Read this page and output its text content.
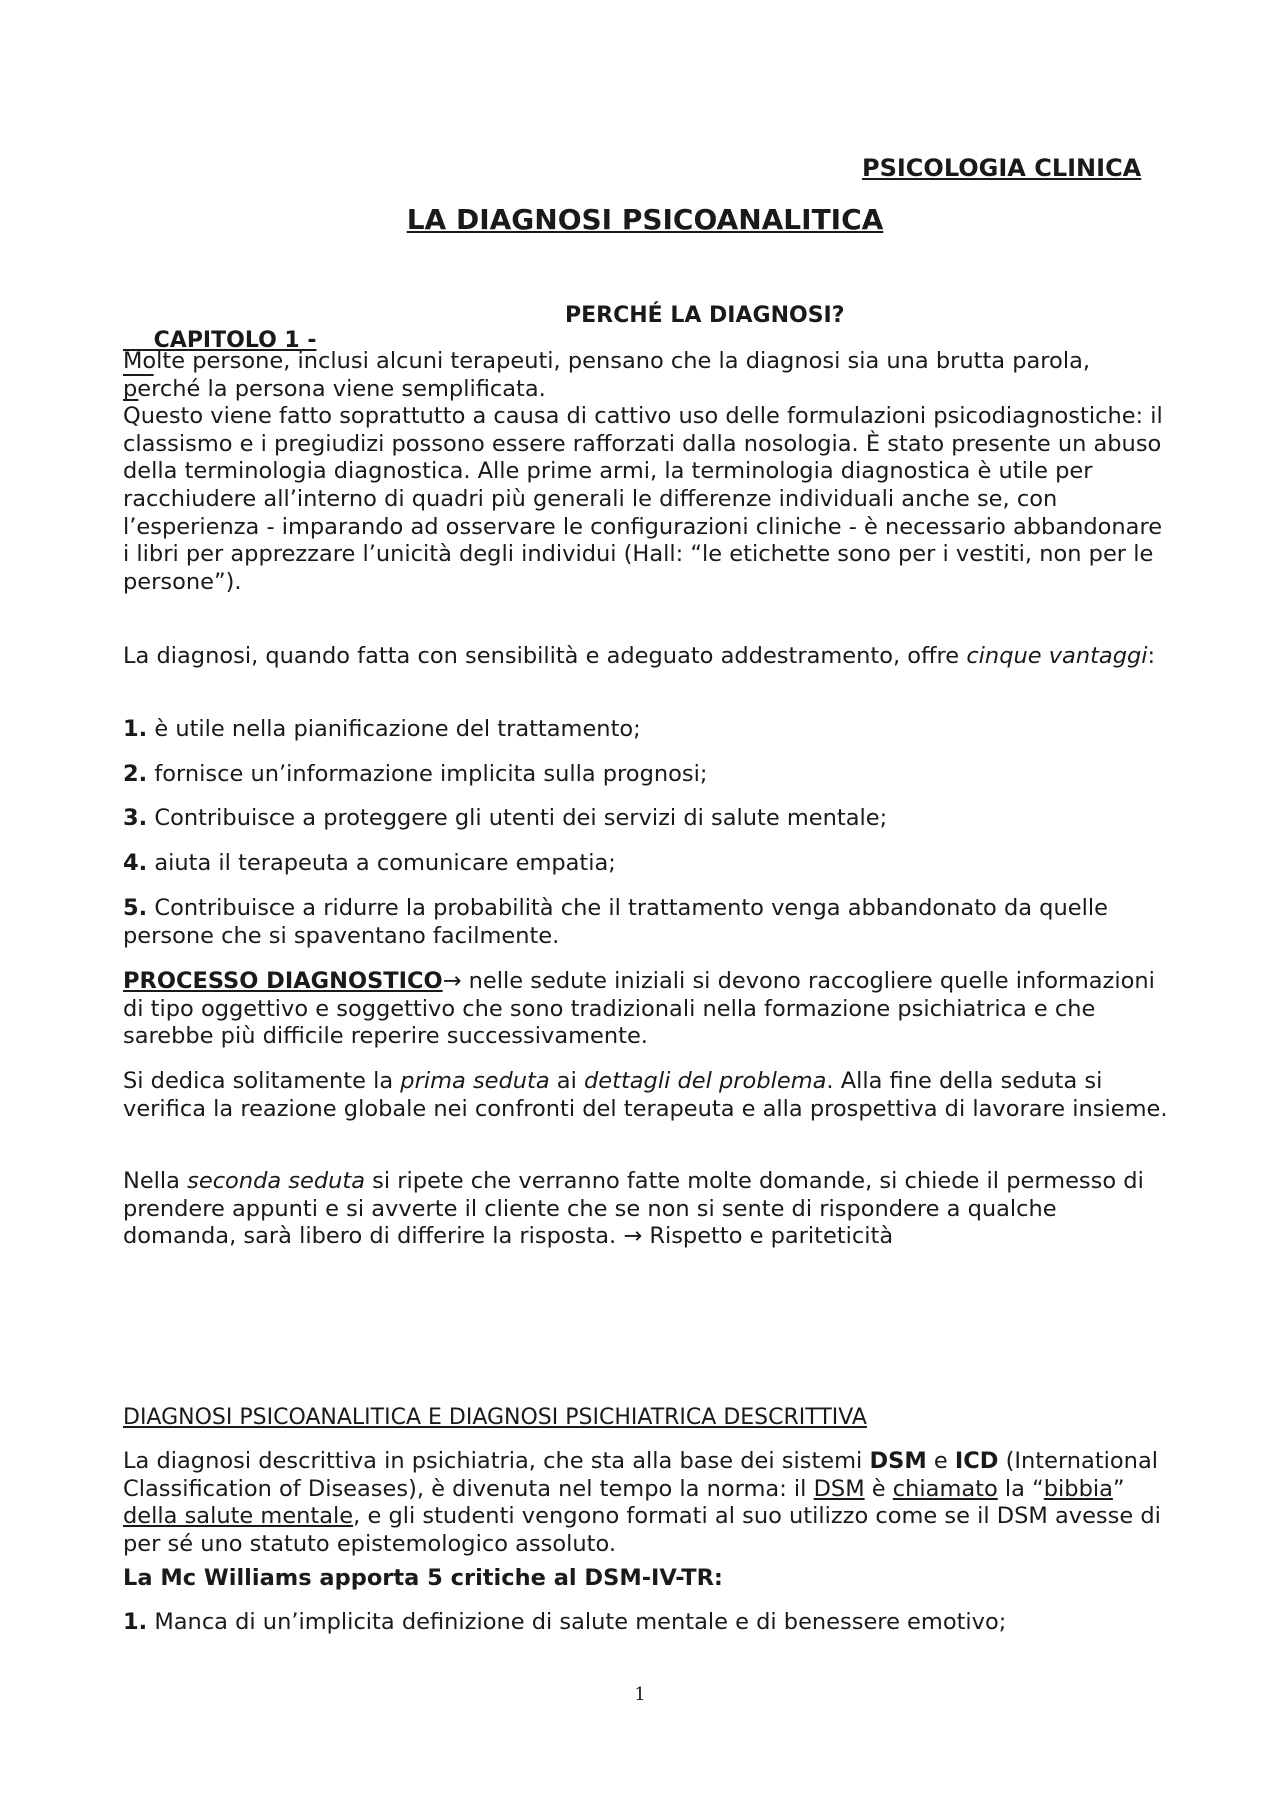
PSICOLOGIA CLINICA
LA DIAGNOSI PSICOANALITICA

CAPITOLO 1 -

PERCHÉ LA DIAGNOSI?

Molte persone, inclusi alcuni terapeuti, pensano che la diagnosi sia una brutta parola, perché la persona viene semplificata.

Questo viene fatto soprattutto a causa di cattivo uso delle formulazioni psicodiagnostiche: il classismo e i pregiudizi possono essere rafforzati dalla nosologia. È stato presente un abuso della terminologia diagnostica. Alle prime armi, la terminologia diagnostica è utile per racchiudere all’interno di quadri più generali le differenze individuali anche se, con l’esperienza - imparando ad osservare le configurazioni cliniche - è necessario abbandonare i libri per apprezzare l’unicità degli individui (Hall: “le etichette sono per i vestiti, non per le persone”).

La diagnosi, quando fatta con sensibilità e adeguato addestramento, offre cinque vantaggi:
1. è utile nella pianificazione del trattamento;
2. fornisce un’informazione implicita sulla prognosi;
3. Contribuisce a proteggere gli utenti dei servizi di salute mentale;
4. aiuta il terapeuta a comunicare empatia;
5. Contribuisce a ridurre la probabilità che il trattamento venga abbandonato da quelle persone che si spaventano facilmente.
PROCESSO DIAGNOSTICO→ nelle sedute iniziali si devono raccogliere quelle informazioni di tipo oggettivo e soggettivo che sono tradizionali nella formazione psichiatrica e che sarebbe più difficile reperire successivamente.
Si dedica solitamente la prima seduta ai dettagli del problema. Alla fine della seduta si verifica la reazione globale nei confronti del terapeuta e alla prospettiva di lavorare insieme.
Nella seconda seduta si ripete che verranno fatte molte domande, si chiede il permesso di prendere appunti e si avverte il cliente che se non si sente di rispondere a qualche domanda, sarà libero di differire la risposta. → Rispetto e pariteticità
DIAGNOSI PSICOANALITICA E DIAGNOSI PSICHIATRICA DESCRITTIVA
La diagnosi descrittiva in psichiatria, che sta alla base dei sistemi DSM e ICD (International Classification of Diseases), è divenuta nel tempo la norma: il DSM è chiamato la “bibbia” della salute mentale, e gli studenti vengono formati al suo utilizzo come se il DSM avesse di per sé uno statuto epistemologico assoluto.
La Mc Williams apporta 5 critiche al DSM-IV-TR:
1. Manca di un’implicita definizione di salute mentale e di benessere emotivo;
1
